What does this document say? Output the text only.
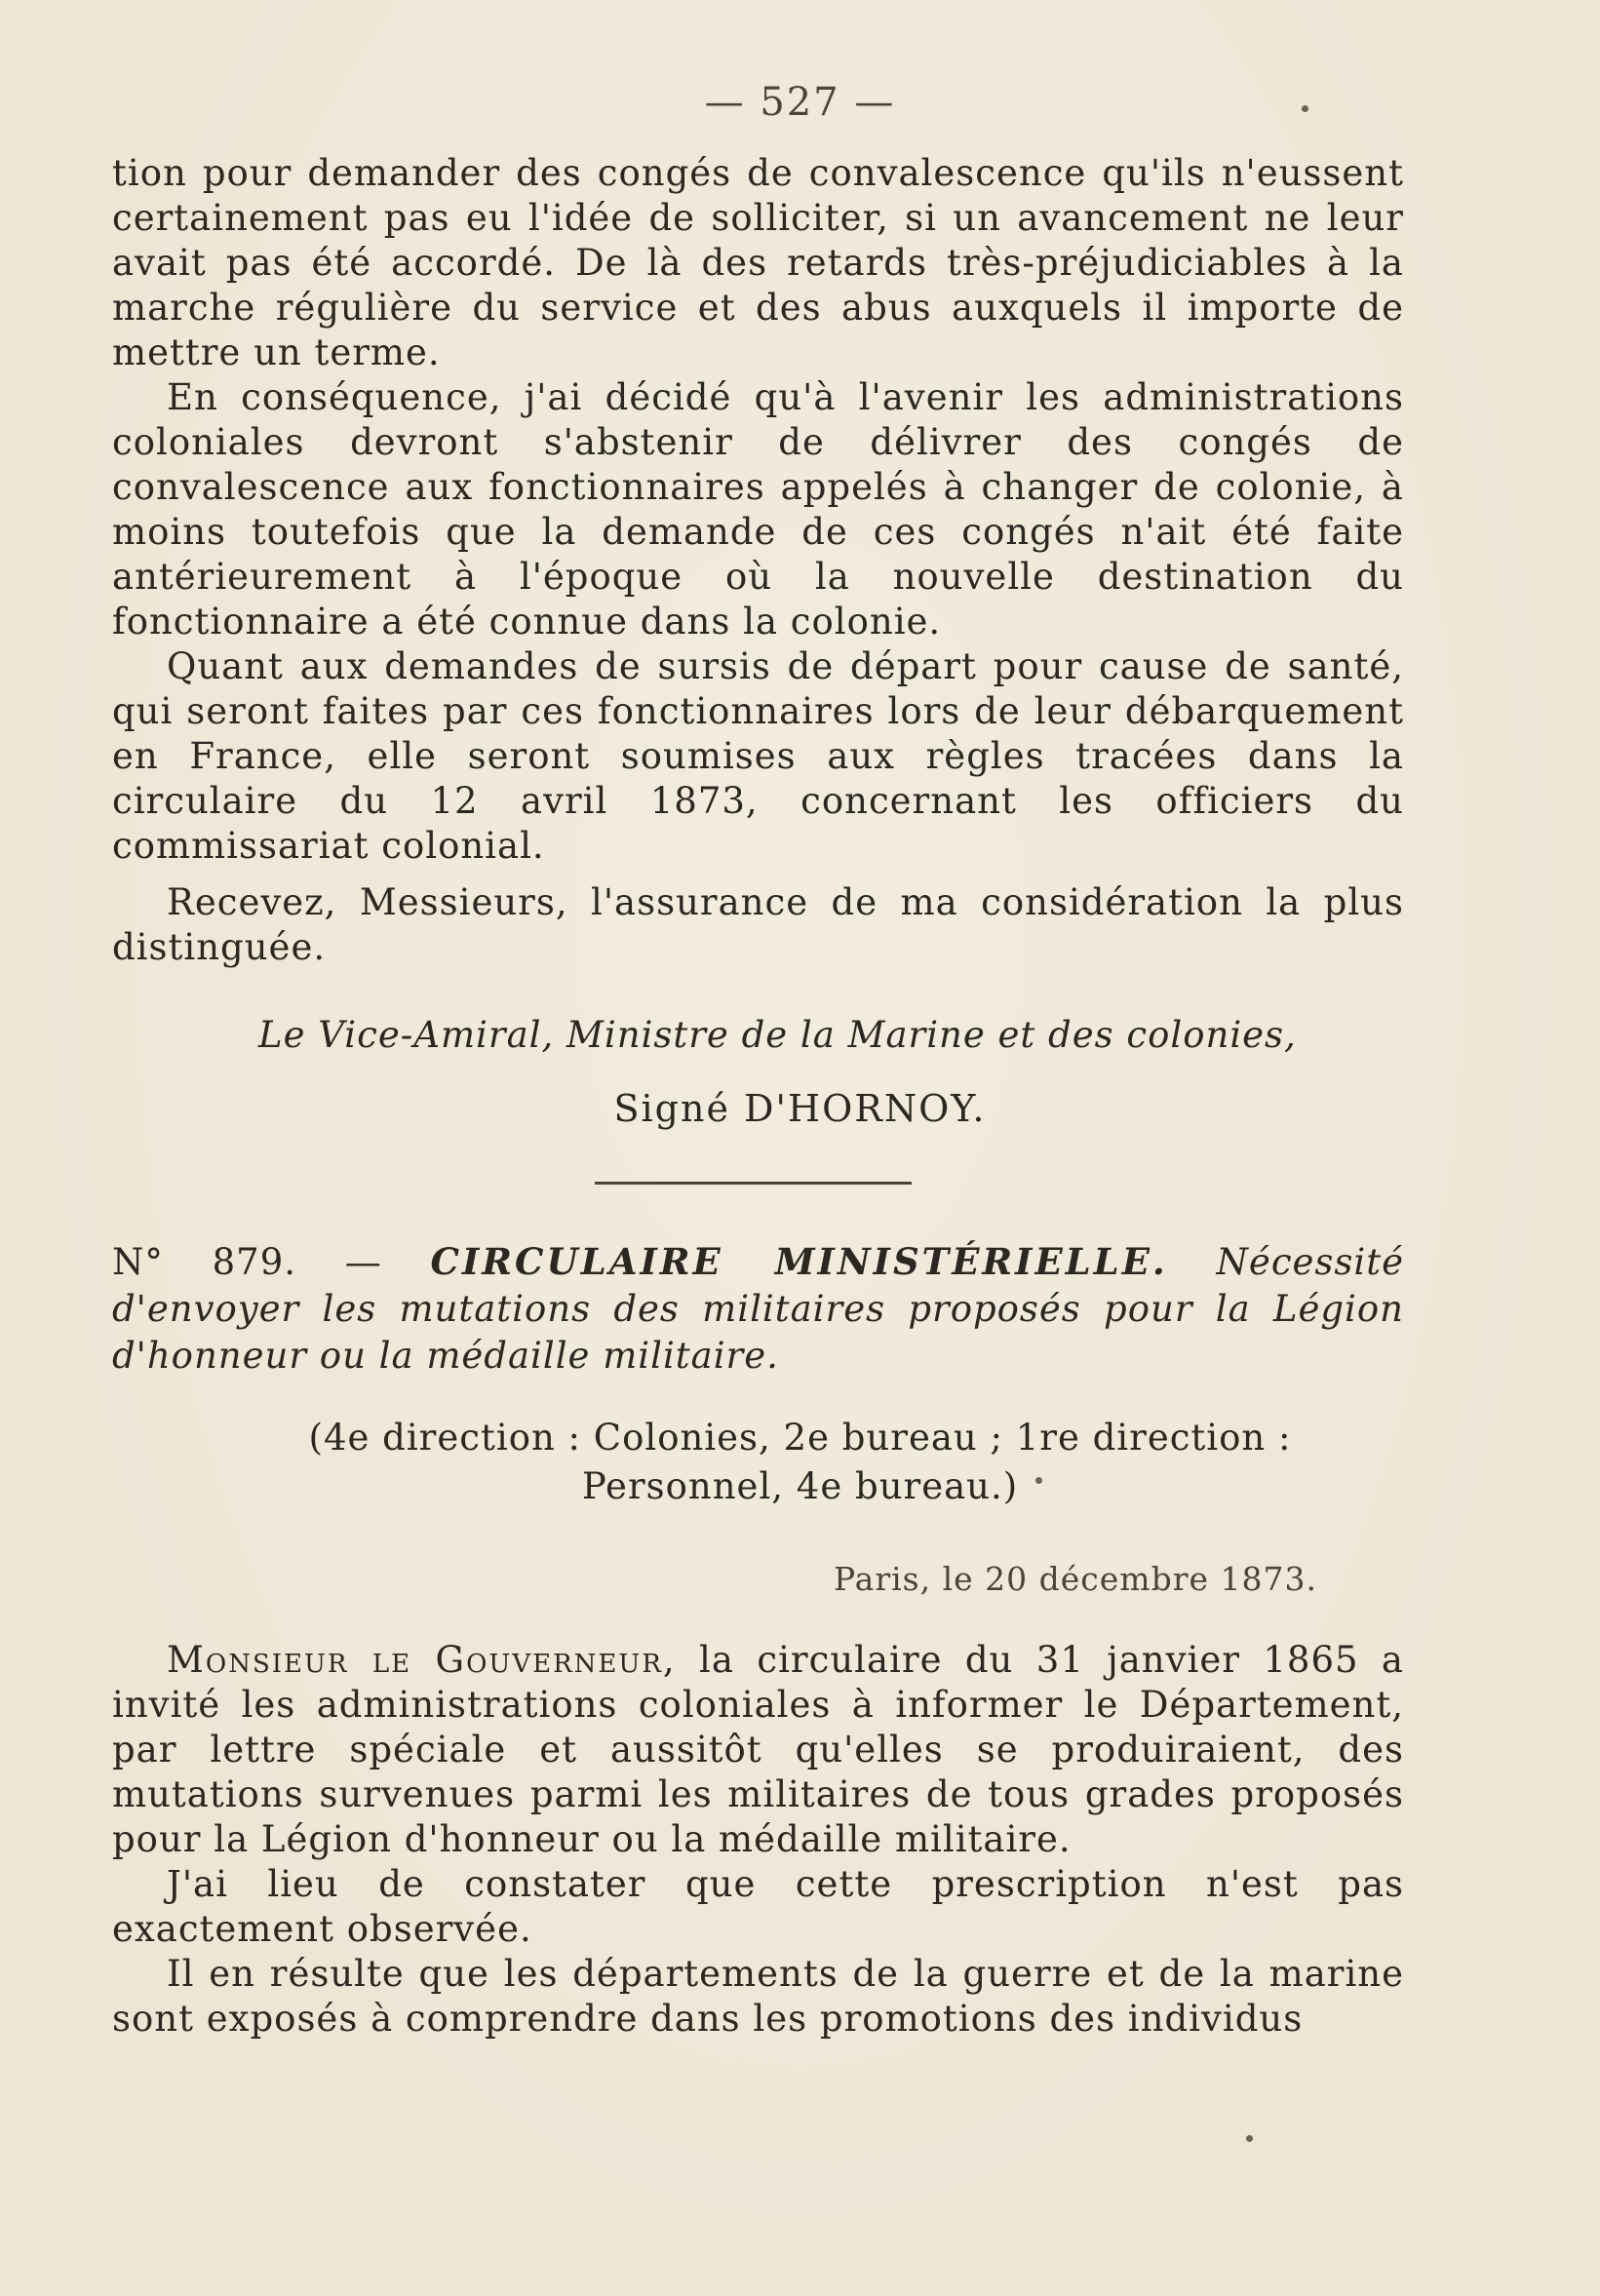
— 527 —

tion pour demander des congés de convalescence qu'ils n'eussent certainement pas eu l'idée de solliciter, si un avancement ne leur avait pas été accordé. De là des retards très-préjudiciables à la marche régulière du service et des abus auxquels il importe de mettre un terme.

En conséquence, j'ai décidé qu'à l'avenir les administrations coloniales devront s'abstenir de délivrer des congés de convalescence aux fonctionnaires appelés à changer de colonie, à moins toutefois que la demande de ces congés n'ait été faite antérieurement à l'époque où la nouvelle destination du fonctionnaire a été connue dans la colonie.

Quant aux demandes de sursis de départ pour cause de santé, qui seront faites par ces fonctionnaires lors de leur débarquement en France, elle seront soumises aux règles tracées dans la circulaire du 12 avril 1873, concernant les officiers du commissariat colonial.

Recevez, Messieurs, l'assurance de ma considération la plus distinguée.

Le Vice-Amiral, Ministre de la Marine et des colonies,
Signé D'HORNOY.
N° 879. — CIRCULAIRE MINISTÉRIELLE. Nécessité d'envoyer les mutations des militaires proposés pour la Légion d'honneur ou la médaille militaire.
(4e direction : Colonies, 2e bureau ; 1re direction :
Personnel, 4e bureau.)
Paris, le 20 décembre 1873.

Monsieur le Gouverneur, la circulaire du 31 janvier 1865 a invité les administrations coloniales à informer le Département, par lettre spéciale et aussitôt qu'elles se produiraient, des mutations survenues parmi les militaires de tous grades proposés pour la Légion d'honneur ou la médaille militaire.

J'ai lieu de constater que cette prescription n'est pas exactement observée.

Il en résulte que les départements de la guerre et de la marine sont exposés à comprendre dans les promotions des individus
